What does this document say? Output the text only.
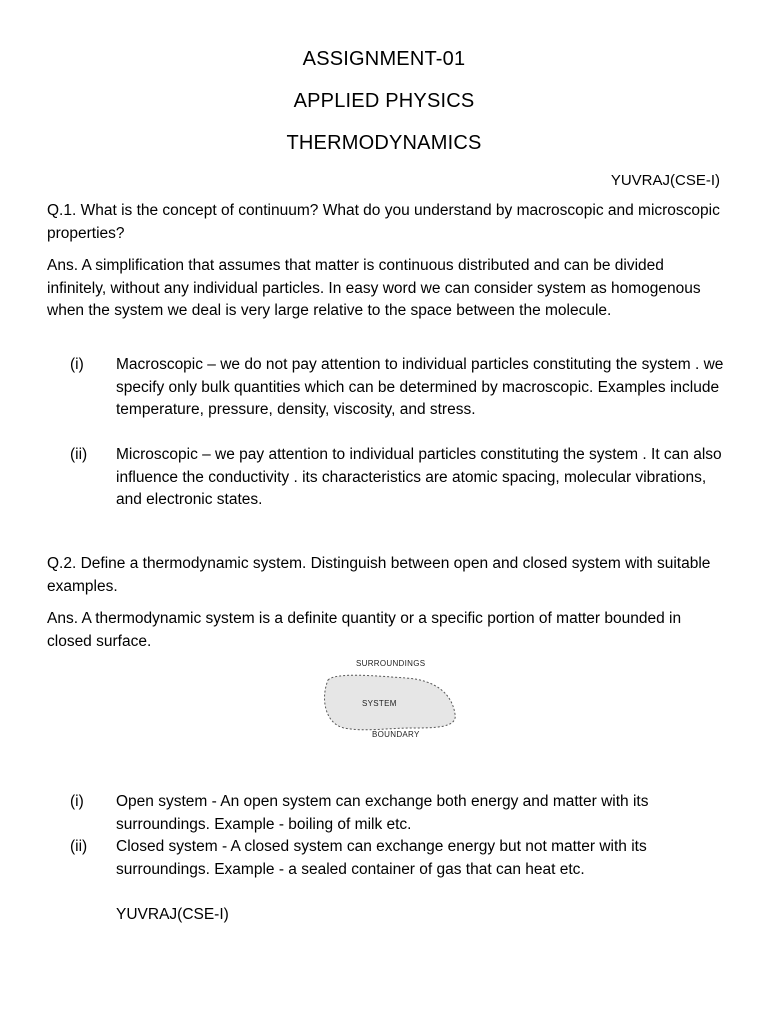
ASSIGNMENT-01
APPLIED PHYSICS
THERMODYNAMICS
YUVRAJ(CSE-I)

Q.1. What is the concept of continuum? What do you understand by macroscopic and microscopic properties?

Ans. A simplification that assumes that matter is continuous distributed and can be divided infinitely, without any individual particles. In easy word we can consider system as homogenous when the system we deal is very large relative to the space between the molecule.

(i) Macroscopic – we do not pay attention to individual particles constituting the system . we specify only bulk quantities which can be determined by macroscopic. Examples include temperature, pressure, density, viscosity, and stress.

(ii) Microscopic – we pay attention to individual particles constituting the system . It can also influence the conductivity . its characteristics are atomic spacing, molecular vibrations, and electronic states.

Q.2. Define a thermodynamic system. Distinguish between open and closed system with suitable examples.

Ans. A thermodynamic system is a definite quantity or a specific portion of matter bounded in closed surface.

SURROUNDINGS
SYSTEM
BOUNDARY
(i) Open system - An open system can exchange both energy and matter with its surroundings. Example - boiling of milk etc.

(ii) Closed system - A closed system can exchange energy but not matter with its surroundings. Example - a sealed container of gas that can heat etc.

YUVRAJ(CSE-I)
